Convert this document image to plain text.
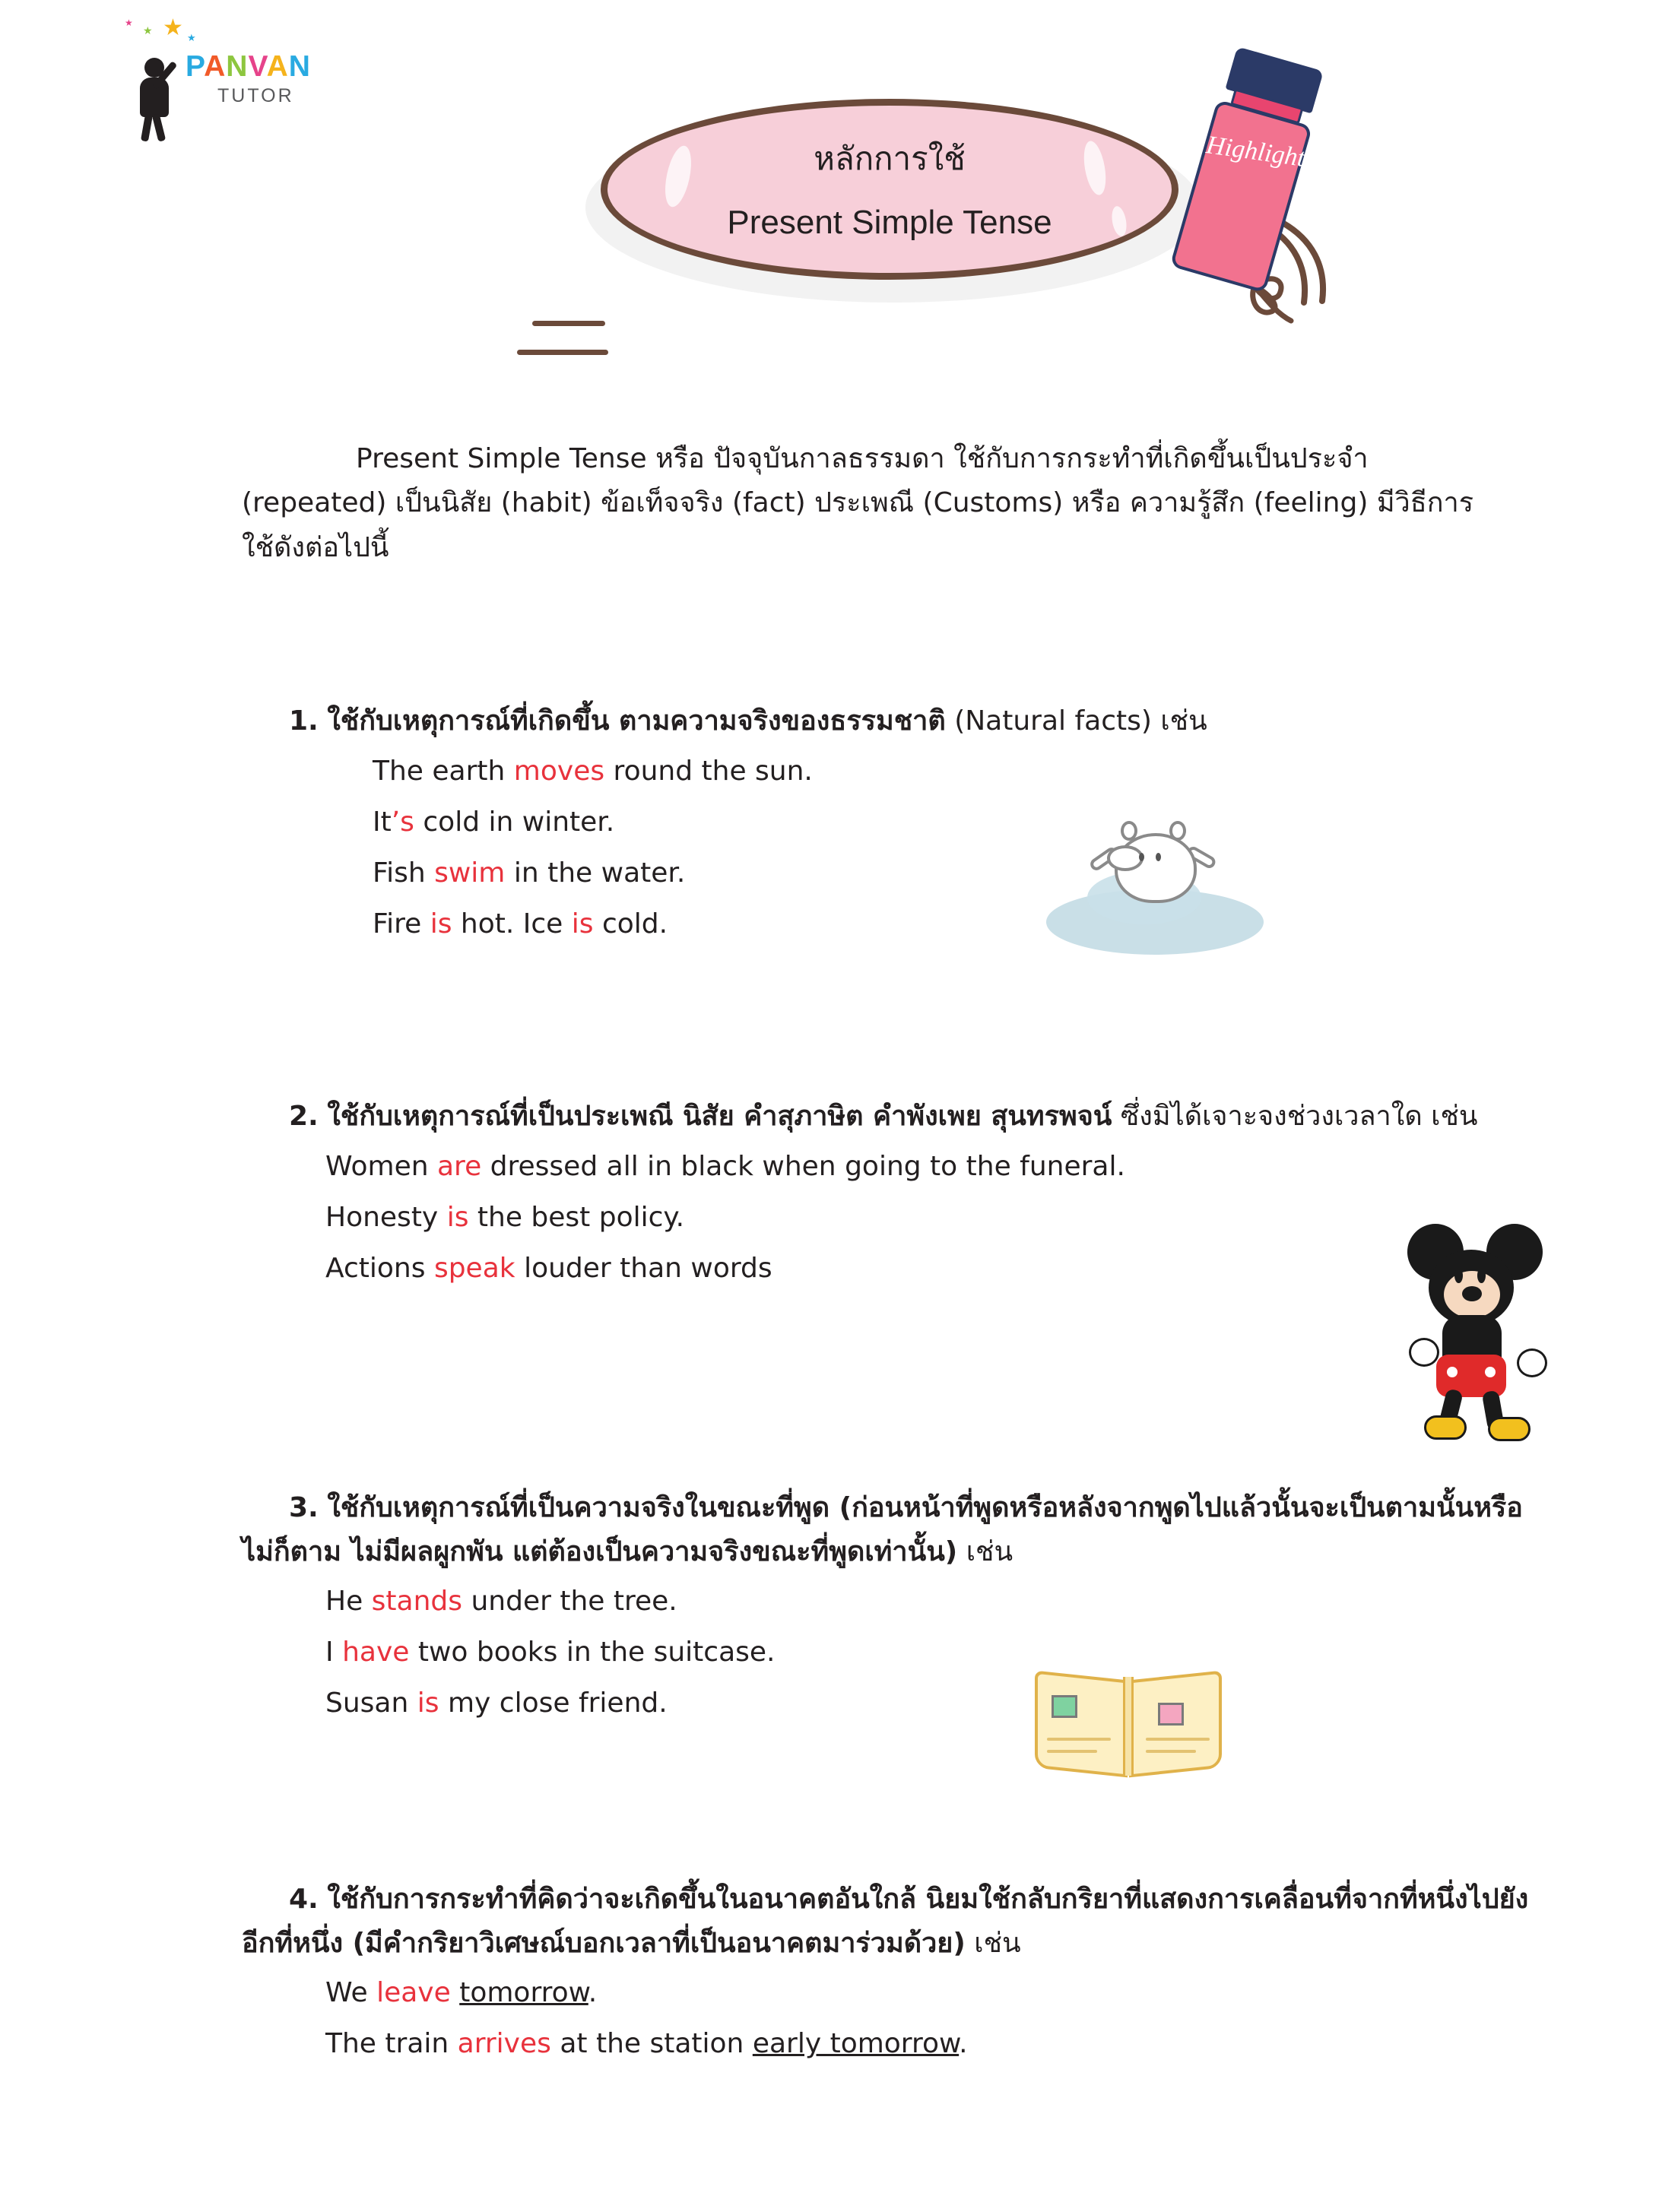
★
★
★
★
PANVAN
TUTOR
หลักการใช้
Present Simple Tense
Highlight
Present Simple Tense หรือ ปัจจุบันกาลธรรมดา ใช้กับการกระทำที่เกิดขึ้นเป็นประจำ (repeated) เป็นนิสัย (habit) ข้อเท็จจริง (fact) ประเพณี (Customs) หรือ ความรู้สึก (feeling) มีวิธีการใช้ดังต่อไปนี้
1. ใช้กับเหตุการณ์ที่เกิดขึ้น ตามความจริงของธรรมชาติ (Natural facts) เช่น

The earth moves round the sun.

It’s cold in winter.

Fish swim in the water.

Fire is hot. Ice is cold.

2. ใช้กับเหตุการณ์ที่เป็นประเพณี นิสัย คำสุภาษิต คำพังเพย สุนทรพจน์ ซึ่งมิได้เจาะจงช่วงเวลาใด เช่น

Women are dressed all in black when going to the funeral.

Honesty is the best policy.

Actions speak louder than words

3. ใช้กับเหตุการณ์ที่เป็นความจริงในขณะที่พูด (ก่อนหน้าที่พูดหรือหลังจากพูดไปแล้วนั้นจะเป็นตามนั้นหรือไม่ก็ตาม ไม่มีผลผูกพัน แต่ต้องเป็นความจริงขณะที่พูดเท่านั้น) เช่น

He stands under the tree.

I have two books in the suitcase.

Susan is my close friend.

4. ใช้กับการกระทำที่คิดว่าจะเกิดขึ้นในอนาคตอันใกล้ นิยมใช้กลับกริยาที่แสดงการเคลื่อนที่จากที่หนึ่งไปยังอีกที่หนึ่ง (มีคำกริยาวิเศษณ์บอกเวลาที่เป็นอนาคตมาร่วมด้วย) เช่น

We leave tomorrow.

The train arrives at the station early tomorrow.
